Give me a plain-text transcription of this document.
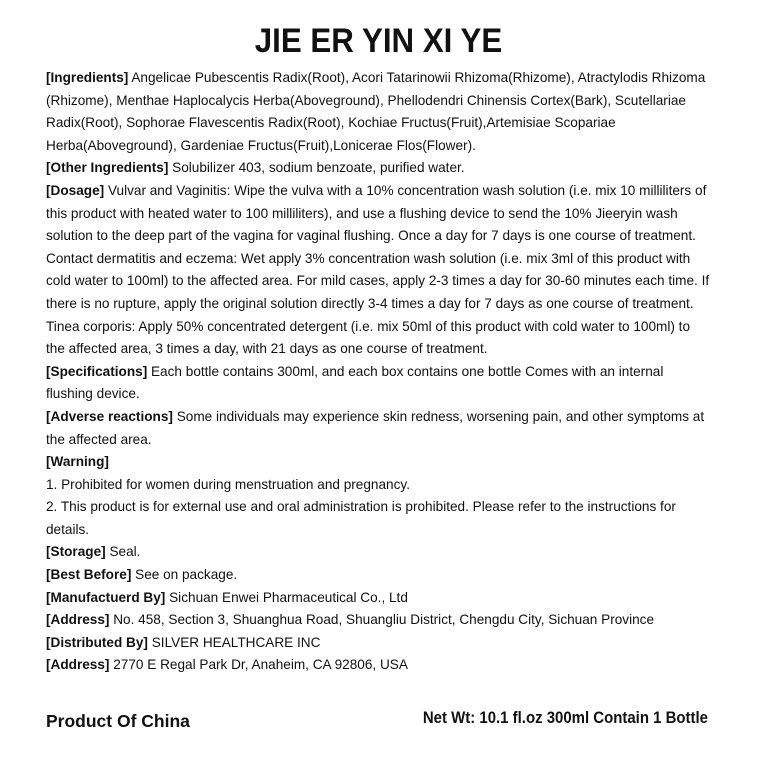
JIE ER YIN XI YE

[Ingredients] Angelicae Pubescentis Radix(Root), Acori Tatarinowii Rhizoma(Rhizome), Atractylodis Rhizoma (Rhizome), Menthae Haplocalycis Herba(Aboveground), Phellodendri Chinensis Cortex(Bark), Scutellariae Radix(Root), Sophorae Flavescentis Radix(Root), Kochiae Fructus(Fruit),Artemisiae Scopariae Herba(Aboveground), Gardeniae Fructus(Fruit),Lonicerae Flos(Flower).

[Other Ingredients] Solubilizer 403, sodium benzoate, purified water.

[Dosage] Vulvar and Vaginitis: Wipe the vulva with a 10% concentration wash solution (i.e. mix 10 milliliters of this product with heated water to 100 milliliters), and use a flushing device to send the 10% Jieeryin wash solution to the deep part of the vagina for vaginal flushing. Once a day for 7 days is one course of treatment. Contact dermatitis and eczema: Wet apply 3% concentration wash solution (i.e. mix 3ml of this product with cold water to 100ml) to the affected area. For mild cases, apply 2-3 times a day for 30-60 minutes each time. If there is no rupture, apply the original solution directly 3-4 times a day for 7 days as one course of treatment. Tinea corporis: Apply 50% concentrated detergent (i.e. mix 50ml of this product with cold water to 100ml) to the affected area, 3 times a day, with 21 days as one course of treatment.

[Specifications] Each bottle contains 300ml, and each box contains one bottle Comes with an internal flushing device.

[Adverse reactions] Some individuals may experience skin redness, worsening pain, and other symptoms at the affected area.

[Warning]

1. Prohibited for women during menstruation and pregnancy.

2. This product is for external use and oral administration is prohibited. Please refer to the instructions for details.

[Storage] Seal.

[Best Before] See on package.

[Manufactuerd By] Sichuan Enwei Pharmaceutical Co., Ltd

[Address] No. 458, Section 3, Shuanghua Road, Shuangliu District, Chengdu City, Sichuan Province

[Distributed By] SILVER HEALTHCARE INC

[Address] 2770 E Regal Park Dr, Anaheim, CA 92806, USA

Product Of China	Net Wt: 10.1 fl.oz 300ml Contain 1 Bottle
